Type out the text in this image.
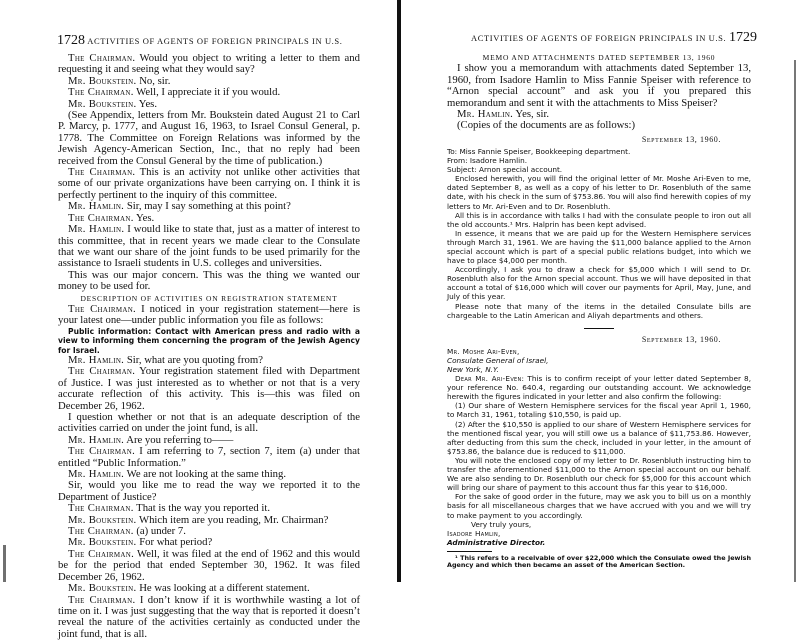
1728 ACTIVITIES OF AGENTS OF FOREIGN PRINCIPALS IN U.S.

The Chairman. Would you object to writing a letter to them and requesting it and seeing what they would say?

Mr. Boukstein. No, sir.

The Chairman. Well, I appreciate it if you would.

Mr. Boukstein. Yes.

(See Appendix, letters from Mr. Boukstein dated August 21 to Carl P. Marcy, p. 1777, and August 16, 1963, to Israel Consul General, p. 1778. The Committee on Foreign Relations was informed by the Jewish Agency-American Section, Inc., that no reply had been received from the Consul General by the time of publication.)

The Chairman. This is an activity not unlike other activities that some of our private organizations have been carrying on. I think it is perfectly pertinent to the inquiry of this committee.

Mr. Hamlin. Sir, may I say something at this point?

The Chairman. Yes.

Mr. Hamlin. I would like to state that, just as a matter of interest to this committee, that in recent years we made clear to the Consulate that we want our share of the joint funds to be used primarily for the assistance to Israeli students in U.S. colleges and universities.

This was our major concern. This was the thing we wanted our money to be used for.

DESCRIPTION OF ACTIVITIES ON REGISTRATION STATEMENT

The Chairman. I noticed in your registration statement—here is your latest one—under public information you file as follows:

Public information: Contact with American press and radio with a view to informing them concerning the program of the Jewish Agency for Israel.

Mr. Hamlin. Sir, what are you quoting from?

The Chairman. Your registration statement filed with Department of Justice. I was just interested as to whether or not that is a very accurate reflection of this activity. This is—this was filed on December 26, 1962.

I question whether or not that is an adequate description of the activities carried on under the joint fund, is all.

Mr. Hamlin. Are you referring to——

The Chairman. I am referring to 7, section 7, item (a) under that entitled “Public Information.”

Mr. Hamlin. We are not looking at the same thing.

Sir, would you like me to read the way we reported it to the Department of Justice?

The Chairman. That is the way you reported it.

Mr. Boukstein. Which item are you reading, Mr. Chairman?

The Chairman. (a) under 7.

Mr. Boukstein. For what period?

The Chairman. Well, it was filed at the end of 1962 and this would be for the period that ended September 30, 1962. It was filed December 26, 1962.

Mr. Boukstein. He was looking at a different statement.

The Chairman. I don’t know if it is worthwhile wasting a lot of time on it. I was just suggesting that the way that is reported it doesn’t reveal the nature of the activities certainly as conducted under the joint fund, that is all.

ACTIVITIES OF AGENTS OF FOREIGN PRINCIPALS IN U.S. 1729

MEMO AND ATTACHMENTS DATED SEPTEMBER 13, 1960

I show you a memorandum with attachments dated September 13, 1960, from Isadore Hamlin to Miss Fannie Speiser with reference to “Arnon special account” and ask you if you prepared this memorandum and sent it with the attachments to Miss Speiser?

Mr. Hamlin. Yes, sir.

(Copies of the documents are as follows:)

September 13, 1960.

To: Miss Fannie Speiser, Bookkeeping department.

From: Isadore Hamlin.

Subject: Arnon special account.

Enclosed herewith, you will find the original letter of Mr. Moshe Ari-Even to me, dated September 8, as well as a copy of his letter to Dr. Rosenbluth of the same date, with his check in the sum of $753.86. You will also find herewith copies of my letters to Mr. Ari-Even and to Dr. Rosenbluth.

All this is in accordance with talks I had with the consulate people to iron out all the old accounts.¹ Mrs. Halprin has been kept advised.

In essence, it means that we are paid up for the Western Hemisphere services through March 31, 1961. We are having the $11,000 balance applied to the Arnon special account which is part of a special public relations budget, into which we have to place $4,000 per month.

Accordingly, I ask you to draw a check for $5,000 which I will send to Dr. Rosenbluth also for the Arnon special account. Thus we will have deposited in that account a total of $16,000 which will cover our payments for April, May, June, and July of this year.

Please note that many of the items in the detailed Consulate bills are chargeable to the Latin American and Aliyah departments and others.

September 13, 1960.

Mr. Moshe Ari-Even,

Consulate General of Israel,

New York, N.Y.

Dear Mr. Ari-Even: This is to confirm receipt of your letter dated September 8, your reference No. 640.4, regarding our outstanding account. We acknowledge herewith the figures indicated in your letter and also confirm the following:

(1) Our share of Western Hemisphere services for the fiscal year April 1, 1960, to March 31, 1961, totaling $10,550, is paid up.

(2) After the $10,550 is applied to our share of Western Hemisphere services for the mentioned fiscal year, you will still owe us a balance of $11,753.86. However, after deducting from this sum the check, included in your letter, in the amount of $753.86, the balance due is reduced to $11,000.

You will note the enclosed copy of my letter to Dr. Rosenbluth instructing him to transfer the aforementioned $11,000 to the Arnon special account on our behalf. We are also sending to Dr. Rosenbluth our check for $5,000 for this account which will bring our share of payment to this account thus far this year to $16,000.

For the sake of good order in the future, may we ask you to bill us on a monthly basis for all miscellaneous charges that we have accrued with you and we will try to make payment to you accordingly.

Very truly yours,

Isadore Hamlin,

Administrative Director.

¹ This refers to a receivable of over $22,000 which the Consulate owed the Jewish Agency and which then became an asset of the American Section.
